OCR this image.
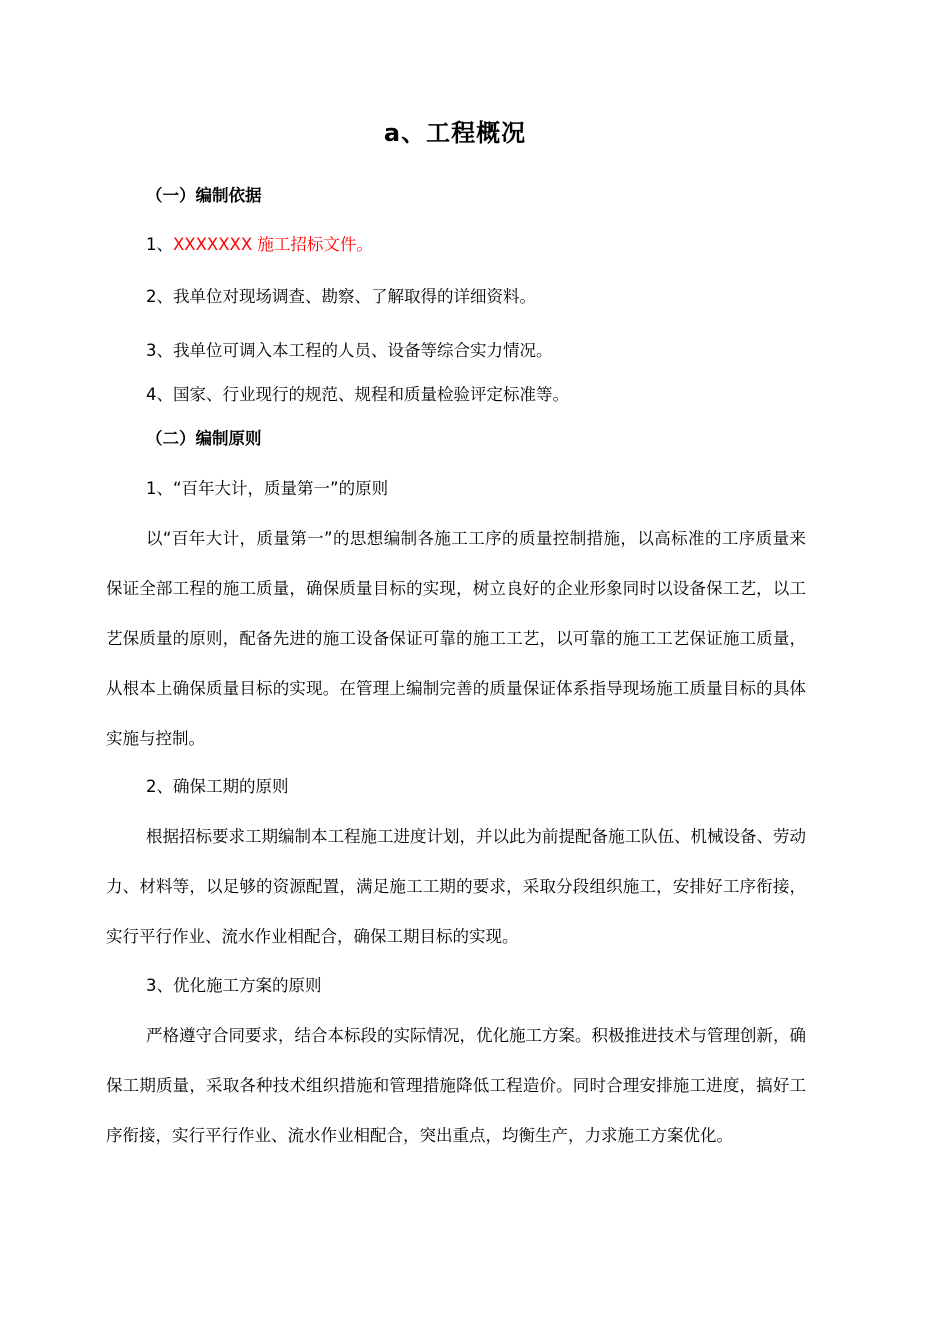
a、工程概况
（一）编制依据
1、XXXXXXX 施工招标文件。
2、我单位对现场调查、勘察、了解取得的详细资料。
3、我单位可调入本工程的人员、设备等综合实力情况。
4、国家、行业现行的规范、规程和质量检验评定标准等。
（二）编制原则
1、“百年大计，质量第一”的原则
以“百年大计，质量第一”的思想编制各施工工序的质量控制措施，以高标准的工序质量来保证全部工程的施工质量，确保质量目标的实现，树立良好的企业形象同时以设备保工艺，以工艺保质量的原则，配备先进的施工设备保证可靠的施工工艺，以可靠的施工工艺保证施工质量，从根本上确保质量目标的实现。在管理上编制完善的质量保证体系指导现场施工质量目标的具体实施与控制。
2、确保工期的原则
根据招标要求工期编制本工程施工进度计划，并以此为前提配备施工队伍、机械设备、劳动力、材料等，以足够的资源配置，满足施工工期的要求，采取分段组织施工，安排好工序衔接，实行平行作业、流水作业相配合，确保工期目标的实现。
3、优化施工方案的原则
严格遵守合同要求，结合本标段的实际情况，优化施工方案。积极推进技术与管理创新，确保工期质量，采取各种技术组织措施和管理措施降低工程造价。同时合理安排施工进度，搞好工序衔接，实行平行作业、流水作业相配合，突出重点，均衡生产，力求施工方案优化。
